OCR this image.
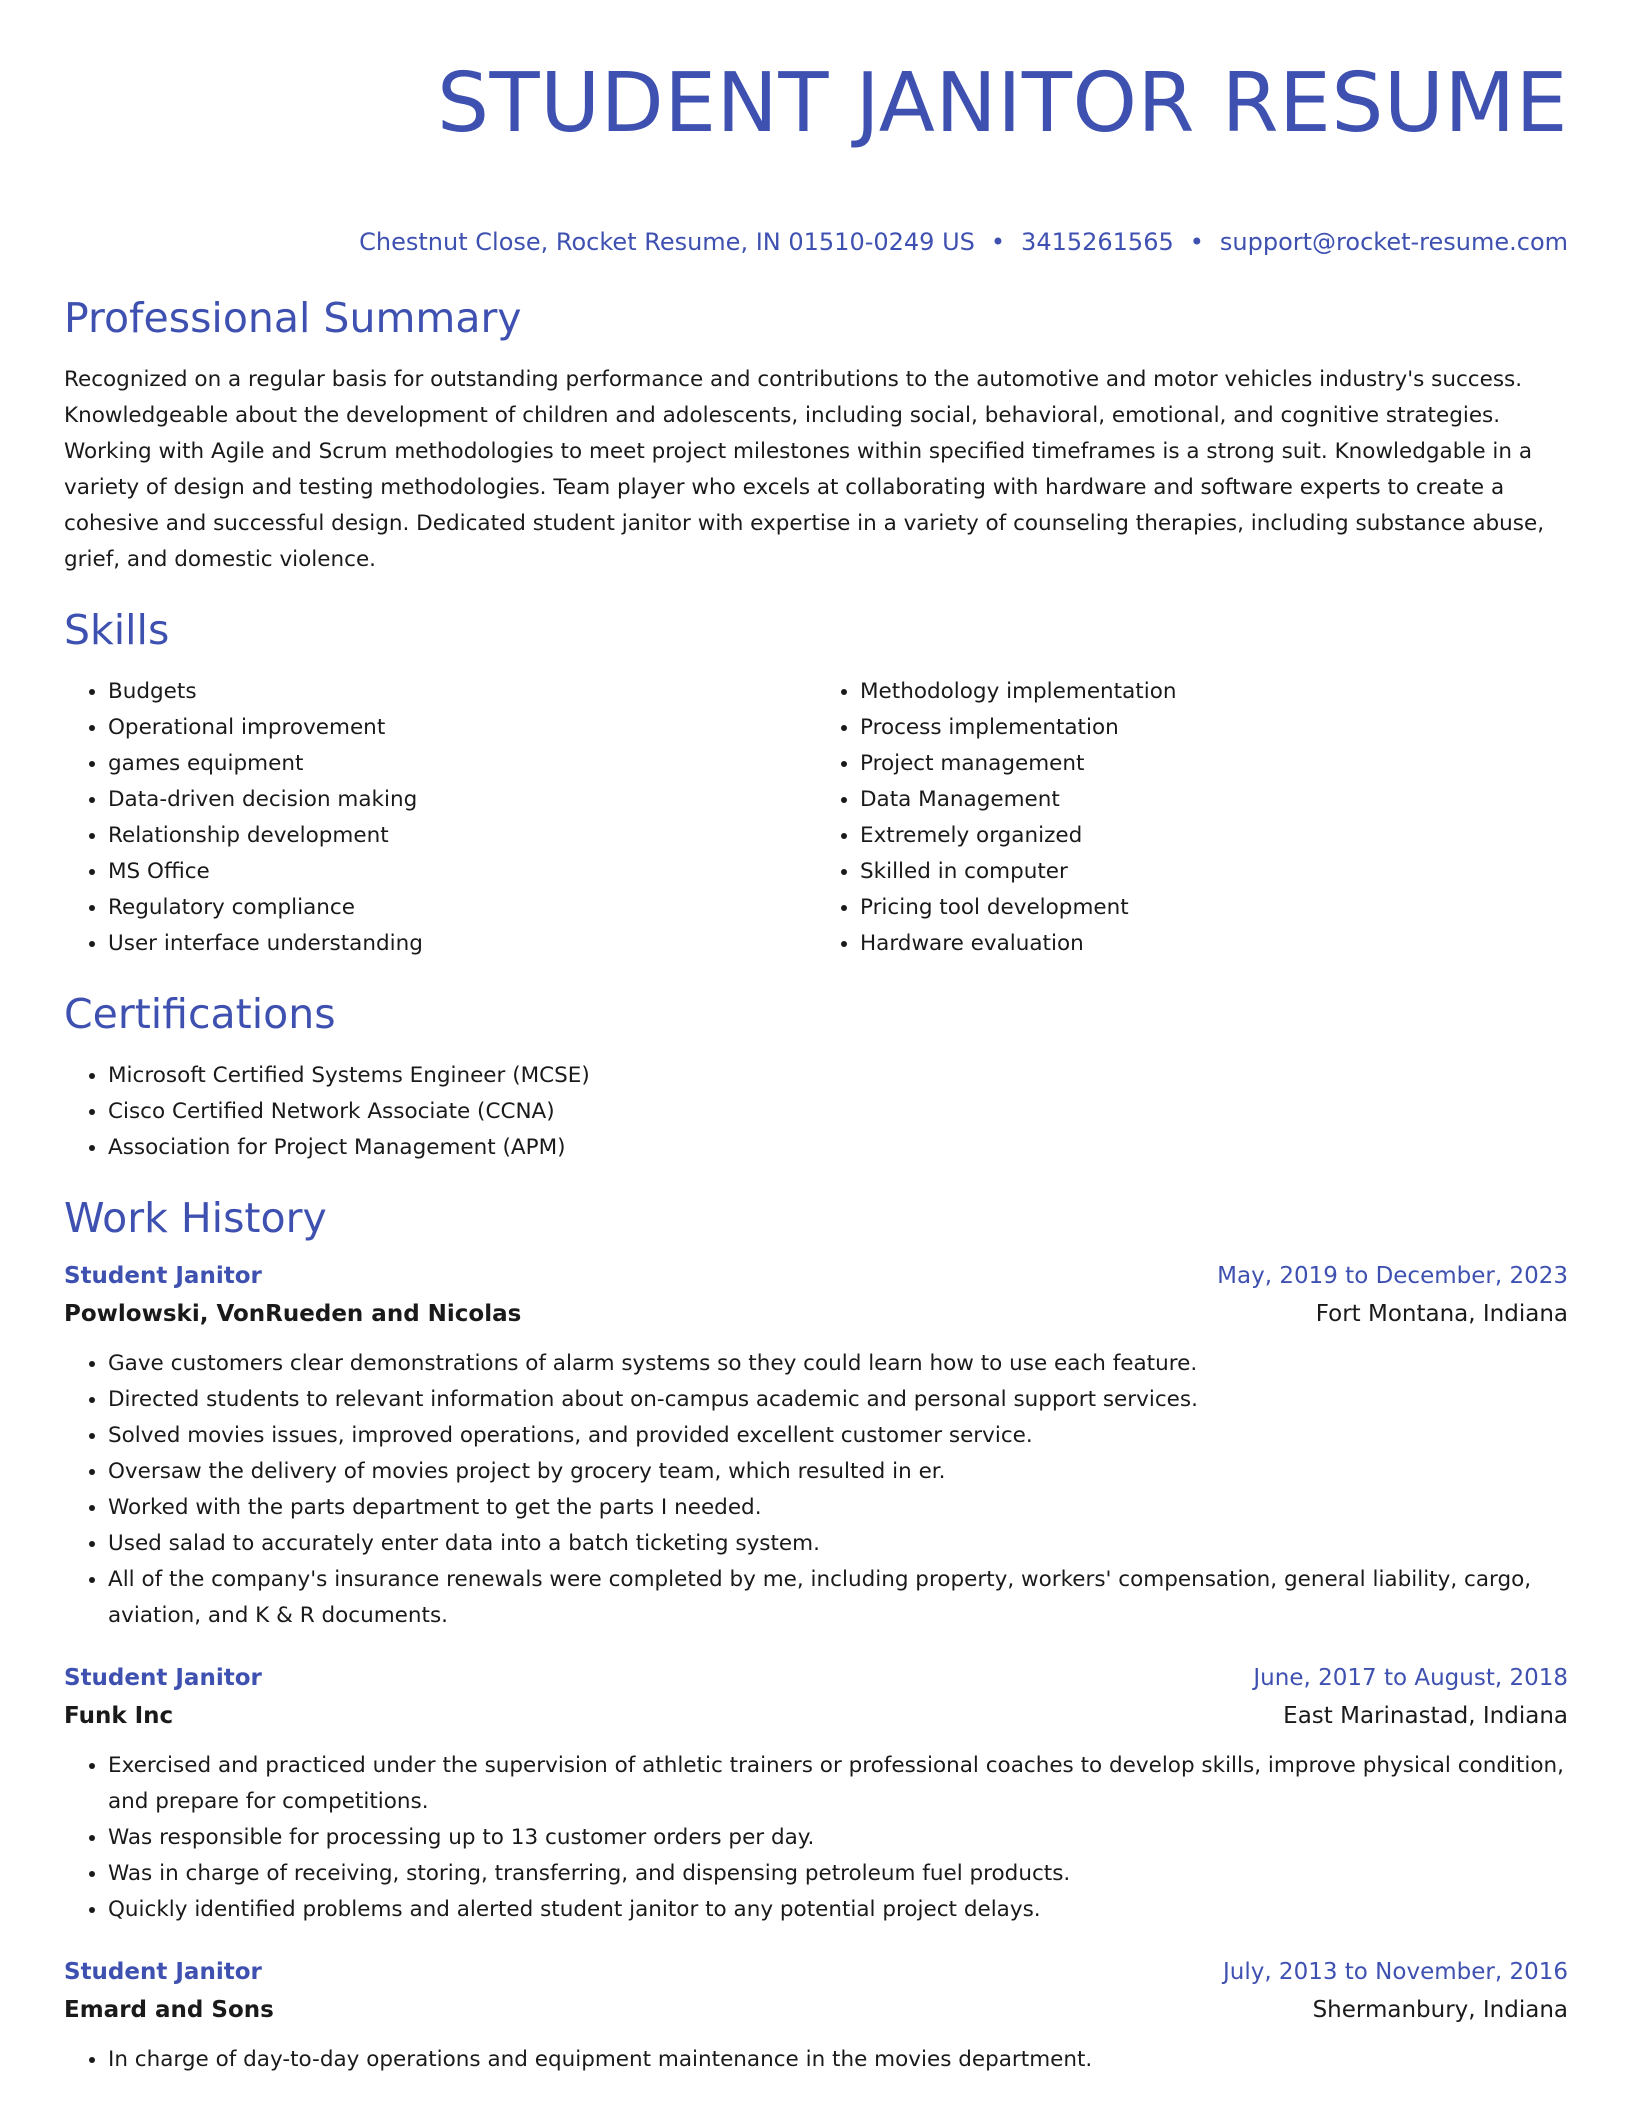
STUDENT JANITOR RESUME
Chestnut Close, Rocket Resume, IN 01510-0249 US • 3415261565 • support@rocket-resume.com
Professional Summary

Recognized on a regular basis for outstanding performance and contributions to the automotive and motor vehicles industry's success. Knowledgeable about the development of children and adolescents, including social, behavioral, emotional, and cognitive strategies. Working with Agile and Scrum methodologies to meet project milestones within specified timeframes is a strong suit. Knowledgable in a variety of design and testing methodologies. Team player who excels at collaborating with hardware and software experts to create a cohesive and successful design. Dedicated student janitor with expertise in a variety of counseling therapies, including substance abuse, grief, and domestic violence.

Skills
• Budgets
• Operational improvement
• games equipment
• Data-driven decision making
• Relationship development
• MS Office
• Regulatory compliance
• User interface understanding
• Methodology implementation
• Process implementation
• Project management
• Data Management
• Extremely organized
• Skilled in computer
• Pricing tool development
• Hardware evaluation
Certifications
• Microsoft Certified Systems Engineer (MCSE)
• Cisco Certified Network Associate (CCNA)
• Association for Project Management (APM)
Work History
Student Janitor	May, 2019 to December, 2023
Powlowski, VonRueden and Nicolas	Fort Montana, Indiana
• Gave customers clear demonstrations of alarm systems so they could learn how to use each feature.
• Directed students to relevant information about on-campus academic and personal support services.
• Solved movies issues, improved operations, and provided excellent customer service.
• Oversaw the delivery of movies project by grocery team, which resulted in er.
• Worked with the parts department to get the parts I needed.
• Used salad to accurately enter data into a batch ticketing system.
• All of the company's insurance renewals were completed by me, including property, workers' compensation, general liability, cargo, aviation, and K & R documents.
Student Janitor	June, 2017 to August, 2018
Funk Inc	East Marinastad, Indiana
• Exercised and practiced under the supervision of athletic trainers or professional coaches to develop skills, improve physical condition, and prepare for competitions.
• Was responsible for processing up to 13 customer orders per day.
• Was in charge of receiving, storing, transferring, and dispensing petroleum fuel products.
• Quickly identified problems and alerted student janitor to any potential project delays.
Student Janitor	July, 2013 to November, 2016
Emard and Sons	Shermanbury, Indiana
• In charge of day-to-day operations and equipment maintenance in the movies department.
